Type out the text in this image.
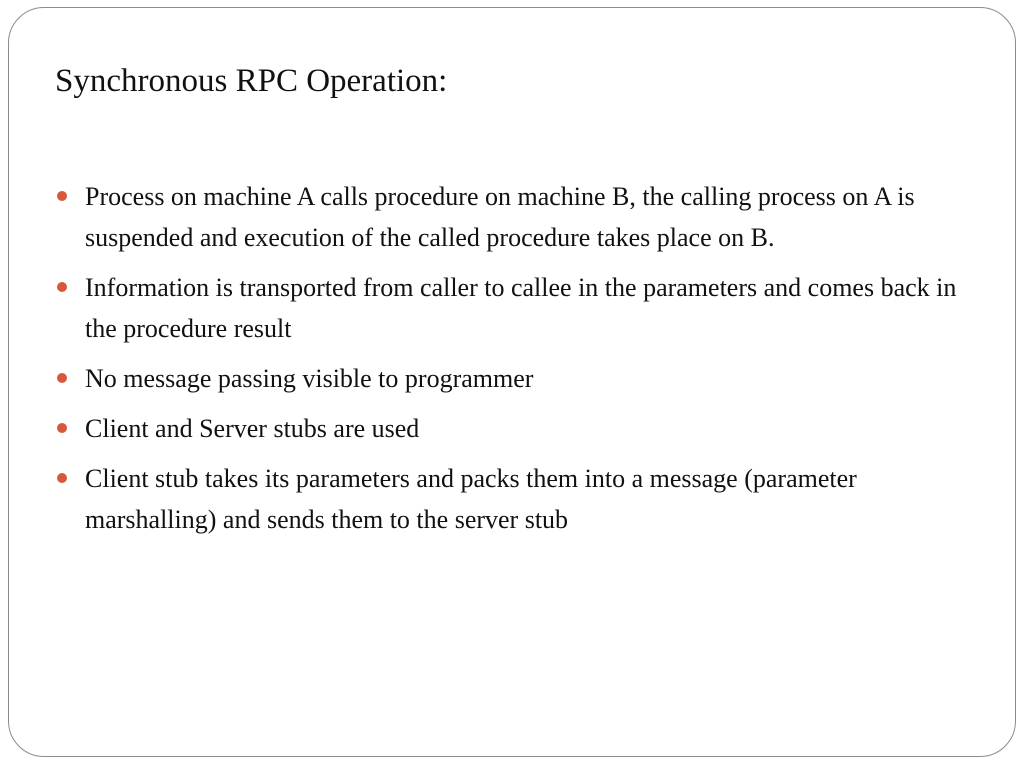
Synchronous RPC Operation:
Process on machine A calls procedure on machine B, the calling process on A is suspended and execution of the called procedure takes place on B.
Information is transported from caller to callee in the parameters and comes back in the procedure result
No message passing visible to programmer
Client and Server stubs are used
Client stub takes its parameters and packs them into a message (parameter marshalling) and sends them to the server stub
